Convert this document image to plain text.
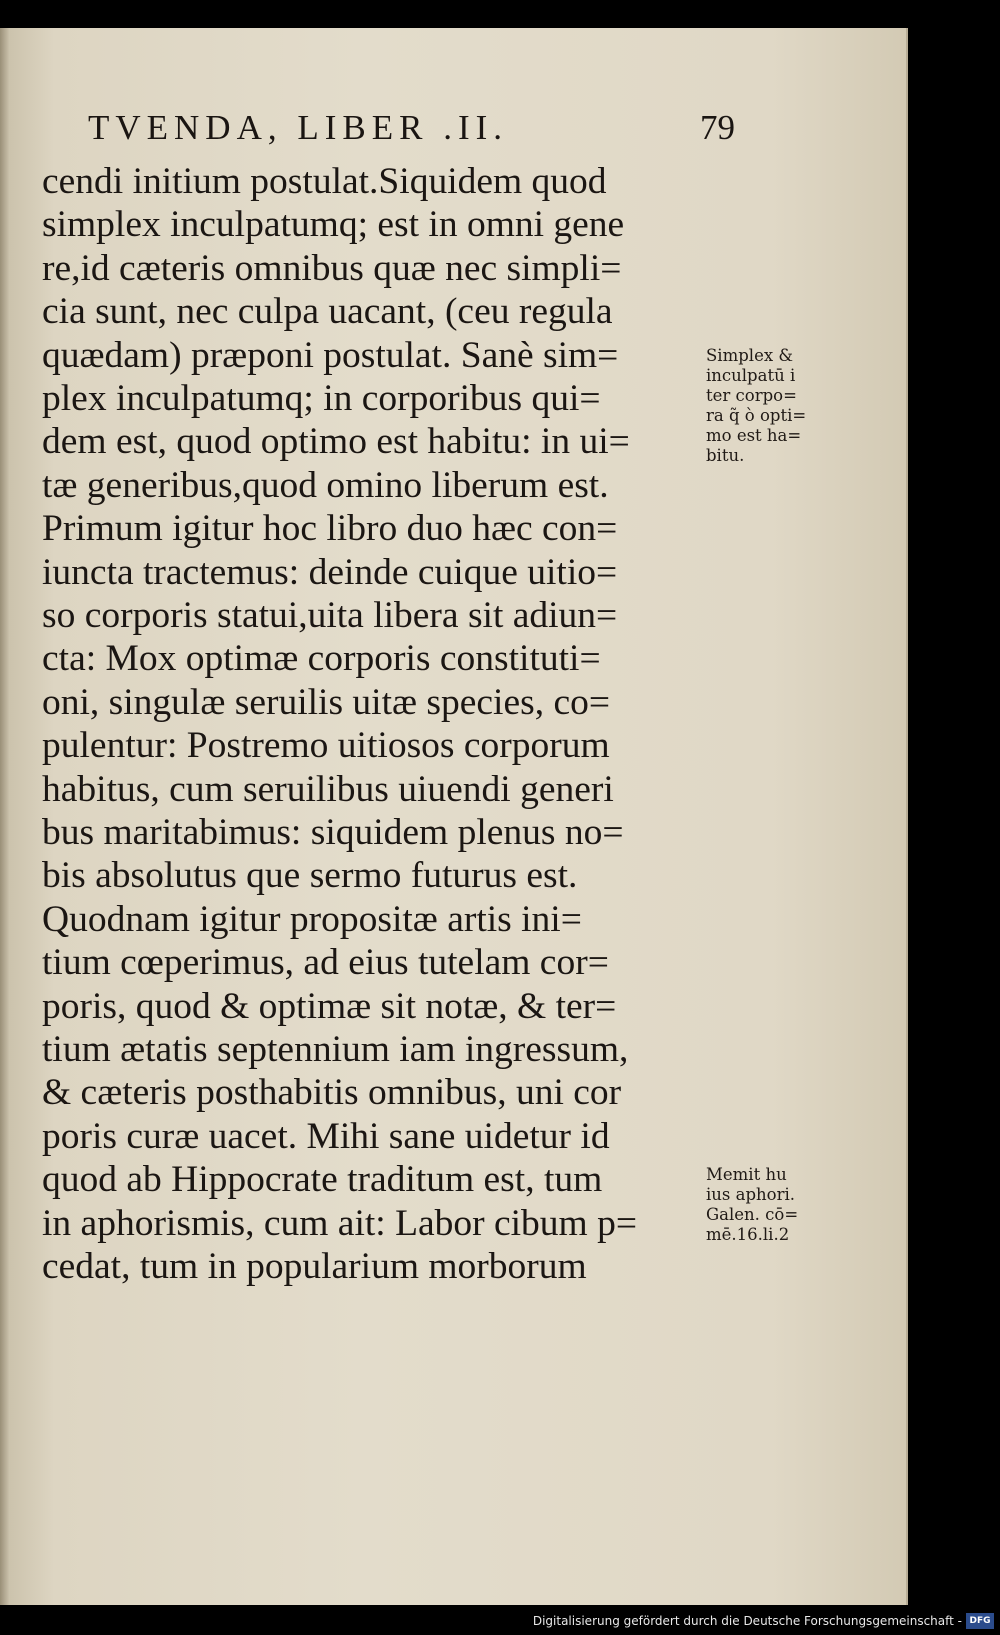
TVENDA, LIBER .II.	79
cendi initium postulat.Siquidem quod
simplex inculpatumq; est in omni gene
re,id cæteris omnibus quæ nec simpli=
cia sunt, nec culpa uacant, (ceu regula
quædam) præponi postulat. Sanè sim=
plex inculpatumq; in corporibus qui=
dem est, quod optimo est habitu: in ui=
tæ generibus,quod omino liberum est.
Primum igitur hoc libro duo hæc con=
iuncta tractemus: deinde cuique uitio=
so corporis statui,uita libera sit adiun=
cta: Mox optimæ corporis constituti=
oni, singulæ seruilis uitæ species, co=
pulentur: Postremo uitiosos corporum
habitus, cum seruilibus uiuendi generi
bus maritabimus: siquidem plenus no=
bis absolutus que sermo futurus est.
Quodnam igitur propositæ artis ini=
tium cœperimus, ad eius tutelam cor=
poris, quod & optimæ sit notæ, & ter=
tium ætatis septennium iam ingressum,
& cæteris posthabitis omnibus, uni cor
poris curæ uacet. Mihi sane uidetur id
quod ab Hippocrate traditum est, tum
in aphorismis, cum ait: Labor cibum p=
cedat, tum in popularium morborum
Simplex &
inculpatū i
ter corpo=
ra q̃ ò opti=
mo est ha=
bitu.
Memit hu
ius aphori.
Galen. cō=
mē.16.li.2
Digitalisierung gefördert durch die Deutsche Forschungsgemeinschaft - DFG
